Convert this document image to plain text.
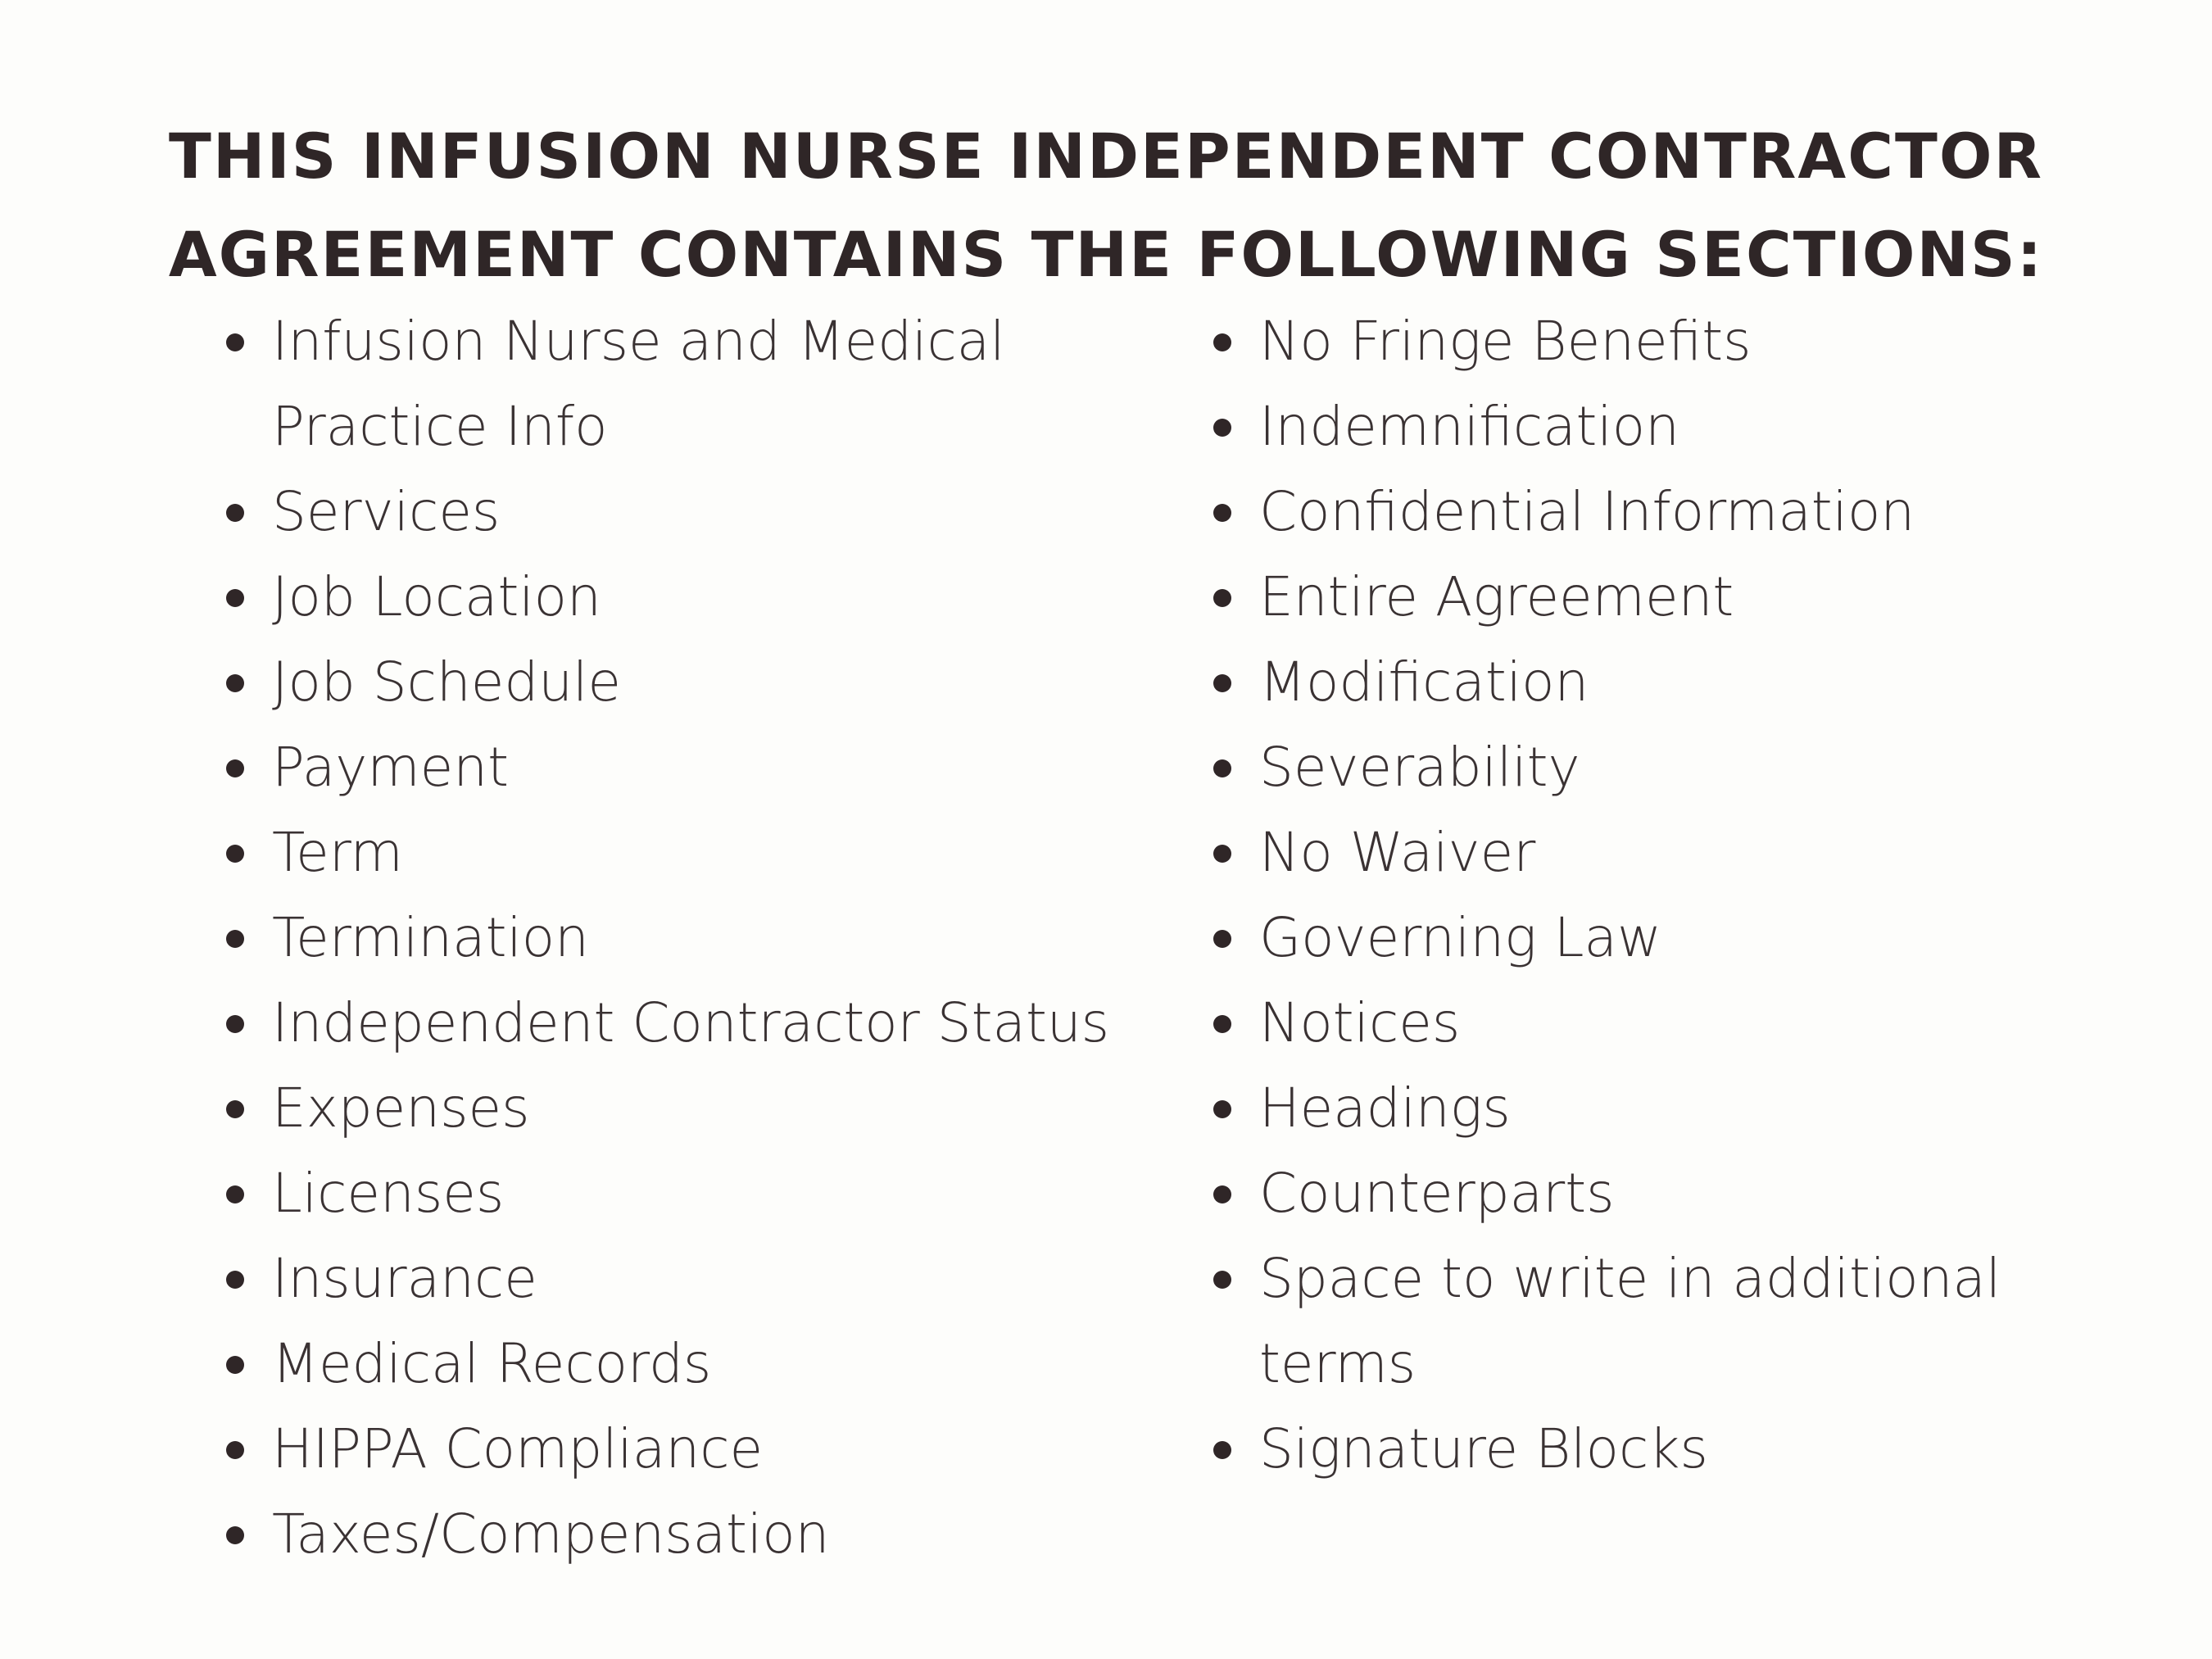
THIS INFUSION NURSE INDEPENDENT CONTRACTOR
AGREEMENT CONTAINS THE FOLLOWING SECTIONS:
Infusion Nurse and Medical Practice Info
Services
Job Location
Job Schedule
Payment
Term
Termination
Independent Contractor Status
Expenses
Licenses
Insurance
Medical Records
HIPPA Compliance
Taxes/Compensation
No Fringe Benefits
Indemnification
Confidential Information
Entire Agreement
Modification
Severability
No Waiver
Governing Law
Notices
Headings
Counterparts
Space to write in additional terms
Signature Blocks
